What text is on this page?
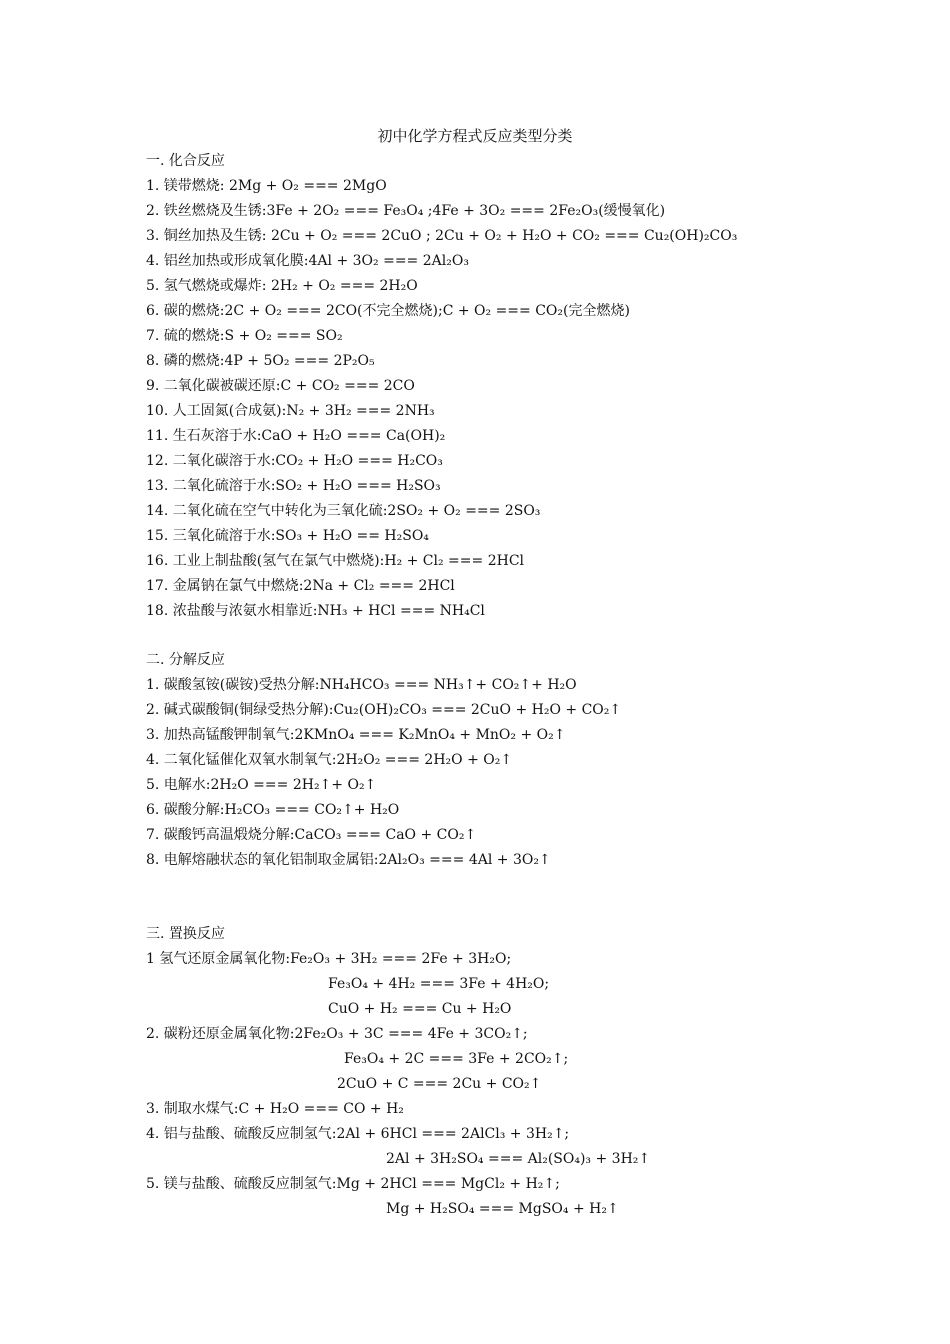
初中化学方程式反应类型分类
一. 化合反应
1. 镁带燃烧: 2Mg + O₂ === 2MgO
2. 铁丝燃烧及生锈:3Fe + 2O₂ === Fe₃O₄ ;4Fe + 3O₂ === 2Fe₂O₃(缓慢氧化)
3. 铜丝加热及生锈: 2Cu + O₂ === 2CuO ; 2Cu + O₂ + H₂O + CO₂ === Cu₂(OH)₂CO₃
4. 铝丝加热或形成氧化膜:4Al + 3O₂ === 2Al₂O₃
5. 氢气燃烧或爆炸: 2H₂ + O₂ === 2H₂O
6. 碳的燃烧:2C + O₂ === 2CO(不完全燃烧);C + O₂ === CO₂(完全燃烧)
7. 硫的燃烧:S + O₂ === SO₂
8. 磷的燃烧:4P + 5O₂ === 2P₂O₅
9. 二氧化碳被碳还原:C + CO₂ === 2CO
10. 人工固氮(合成氨):N₂ + 3H₂ === 2NH₃
11. 生石灰溶于水:CaO + H₂O === Ca(OH)₂
12. 二氧化碳溶于水:CO₂ + H₂O === H₂CO₃
13. 二氧化硫溶于水:SO₂ + H₂O === H₂SO₃
14. 二氧化硫在空气中转化为三氧化硫:2SO₂ + O₂ === 2SO₃
15. 三氧化硫溶于水:SO₃ + H₂O == H₂SO₄
16. 工业上制盐酸(氢气在氯气中燃烧):H₂ + Cl₂ === 2HCl
17. 金属钠在氯气中燃烧:2Na + Cl₂ === 2HCl
18. 浓盐酸与浓氨水相靠近:NH₃ + HCl === NH₄Cl
二. 分解反应
1. 碳酸氢铵(碳铵)受热分解:NH₄HCO₃ === NH₃↑+ CO₂↑+ H₂O
2. 碱式碳酸铜(铜绿受热分解):Cu₂(OH)₂CO₃ === 2CuO + H₂O + CO₂↑
3. 加热高锰酸钾制氧气:2KMnO₄ === K₂MnO₄ + MnO₂ + O₂↑
4. 二氧化锰催化双氧水制氧气:2H₂O₂ === 2H₂O + O₂↑
5. 电解水:2H₂O === 2H₂↑+ O₂↑
6. 碳酸分解:H₂CO₃ === CO₂↑+ H₂O
7. 碳酸钙高温煅烧分解:CaCO₃ === CaO + CO₂↑
8. 电解熔融状态的氧化铝制取金属铝:2Al₂O₃ === 4Al + 3O₂↑
三. 置换反应
1 氢气还原金属氧化物:Fe₂O₃ + 3H₂ === 2Fe + 3H₂O;
Fe₃O₄ + 4H₂ === 3Fe + 4H₂O;
CuO + H₂ === Cu + H₂O
2. 碳粉还原金属氧化物:2Fe₂O₃ + 3C === 4Fe + 3CO₂↑;
Fe₃O₄ + 2C === 3Fe + 2CO₂↑;
2CuO + C === 2Cu + CO₂↑
3. 制取水煤气:C + H₂O === CO + H₂
4. 铝与盐酸、硫酸反应制氢气:2Al + 6HCl === 2AlCl₃ + 3H₂↑;
2Al + 3H₂SO₄ === Al₂(SO₄)₃ + 3H₂↑
5. 镁与盐酸、硫酸反应制氢气:Mg + 2HCl === MgCl₂ + H₂↑;
Mg + H₂SO₄ === MgSO₄ + H₂↑
